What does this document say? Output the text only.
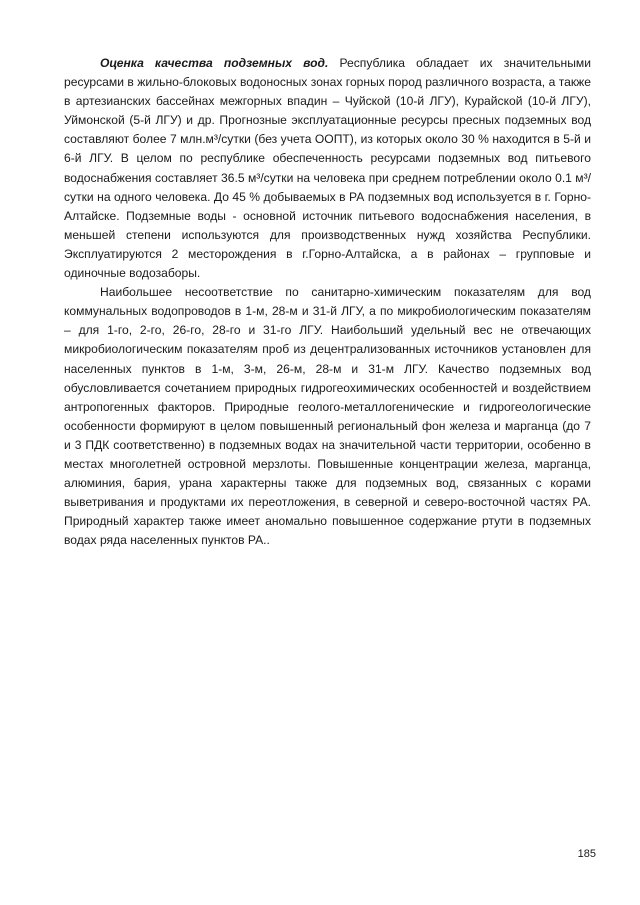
Оценка качества подземных вод. Республика обладает их значительными ресурсами в жильно-блоковых водоносных зонах горных пород различного возраста, а также в артезианских бассейнах межгорных впадин – Чуйской (10-й ЛГУ), Курайской (10-й ЛГУ), Уймонской (5-й ЛГУ) и др. Прогнозные эксплуатационные ресурсы пресных подземных вод составляют более 7 млн.м³/сутки (без учета ООПТ), из которых около 30 % находится в 5-й и 6-й ЛГУ. В целом по республике обеспеченность ресурсами подземных вод питьевого водоснабжения составляет 36.5 м³/сутки на человека при среднем потреблении около 0.1 м³/сутки на одного человека. До 45 % добываемых в РА подземных вод используется в г. Горно-Алтайске. Подземные воды - основной источник питьевого водоснабжения населения, в меньшей степени используются для производственных нужд хозяйства Республики. Эксплуатируются 2 месторождения в г.Горно-Алтайска, а в районах – групповые и одиночные водозаборы.

Наибольшее несоответствие по санитарно-химическим показателям для вод коммунальных водопроводов в 1-м, 28-м и 31-й ЛГУ, а по микробиологическим показателям – для 1-го, 2-го, 26-го, 28-го и 31-го ЛГУ. Наибольший удельный вес не отвечающих микробиологическим показателям проб из децентрализованных источников установлен для населенных пунктов в 1-м, 3-м, 26-м, 28-м и 31-м ЛГУ. Качество подземных вод обусловливается сочетанием природных гидрогеохимических особенностей и воздействием антропогенных факторов. Природные геолого-металлогенические и гидрогеологические особенности формируют в целом повышенный региональный фон железа и марганца (до 7 и 3 ПДК соответственно) в подземных водах на значительной части территории, особенно в местах многолетней островной мерзлоты. Повышенные концентрации железа, марганца, алюминия, бария, урана характерны также для подземных вод, связанных с корами выветривания и продуктами их переотложения, в северной и северо-восточной частях РА. Природный характер также имеет аномально повышенное содержание ртути в подземных водах ряда населенных пунктов РА..

185
